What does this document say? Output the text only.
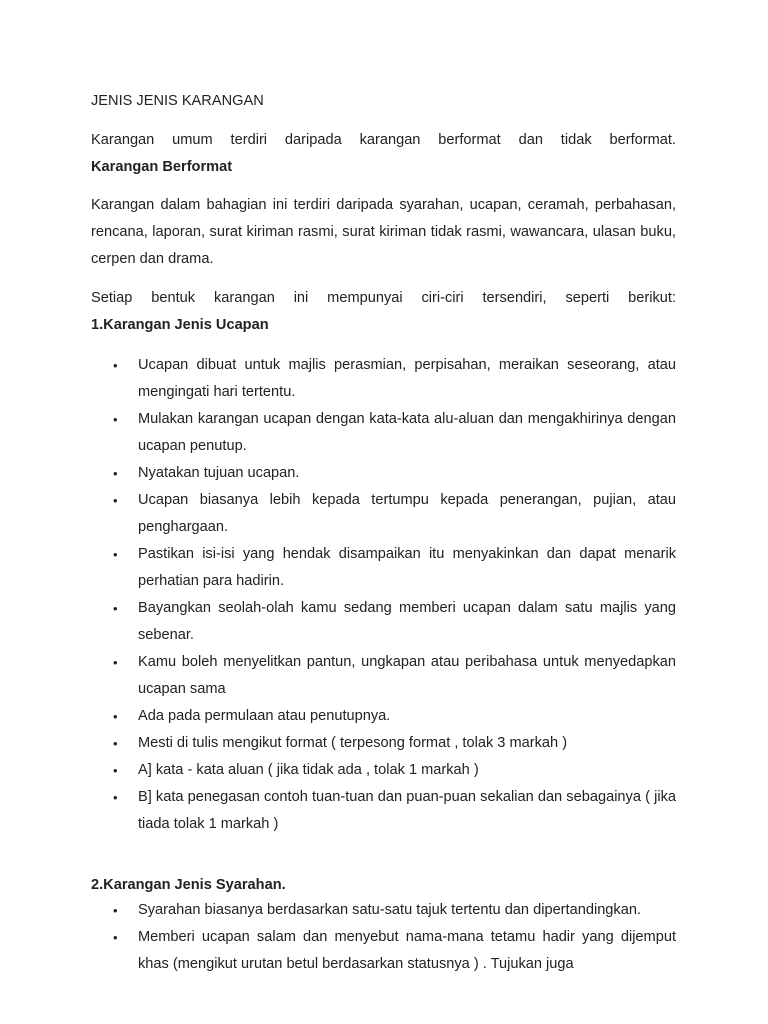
JENIS JENIS KARANGAN
Karangan umum terdiri daripada karangan berformat dan tidak berformat.
Karangan Berformat

Karangan dalam bahagian ini terdiri daripada syarahan, ucapan, ceramah, perbahasan, rencana, laporan, surat kiriman rasmi, surat kiriman tidak rasmi, wawancara, ulasan buku, cerpen dan drama.

Setiap bentuk karangan ini mempunyai ciri-ciri tersendiri, seperti berikut:
1.Karangan Jenis Ucapan
• Ucapan dibuat untuk majlis perasmian, perpisahan, meraikan seseorang, atau mengingati hari tertentu.
• Mulakan karangan ucapan dengan kata-kata alu-aluan dan mengakhirinya dengan ucapan penutup.
• Nyatakan tujuan ucapan.
• Ucapan biasanya lebih kepada tertumpu kepada penerangan, pujian, atau penghargaan.
• Pastikan isi-isi yang hendak disampaikan itu menyakinkan dan dapat menarik perhatian para hadirin.
• Bayangkan seolah-olah kamu sedang memberi ucapan dalam satu majlis yang sebenar.
• Kamu boleh menyelitkan pantun, ungkapan atau peribahasa untuk menyedapkan ucapan sama
• Ada pada permulaan atau penutupnya.
• Mesti di tulis mengikut format ( terpesong format , tolak 3 markah )
• A] kata - kata aluan ( jika tidak ada , tolak 1 markah )
• B] kata penegasan contoh tuan-tuan dan puan-puan sekalian dan sebagainya ( jika tiada tolak 1 markah )
2.Karangan Jenis Syarahan.
• Syarahan biasanya berdasarkan satu-satu tajuk tertentu dan dipertandingkan.
• Memberi ucapan salam dan menyebut nama-mana tetamu hadir yang dijemput khas (mengikut urutan betul berdasarkan statusnya ) . Tujukan juga
